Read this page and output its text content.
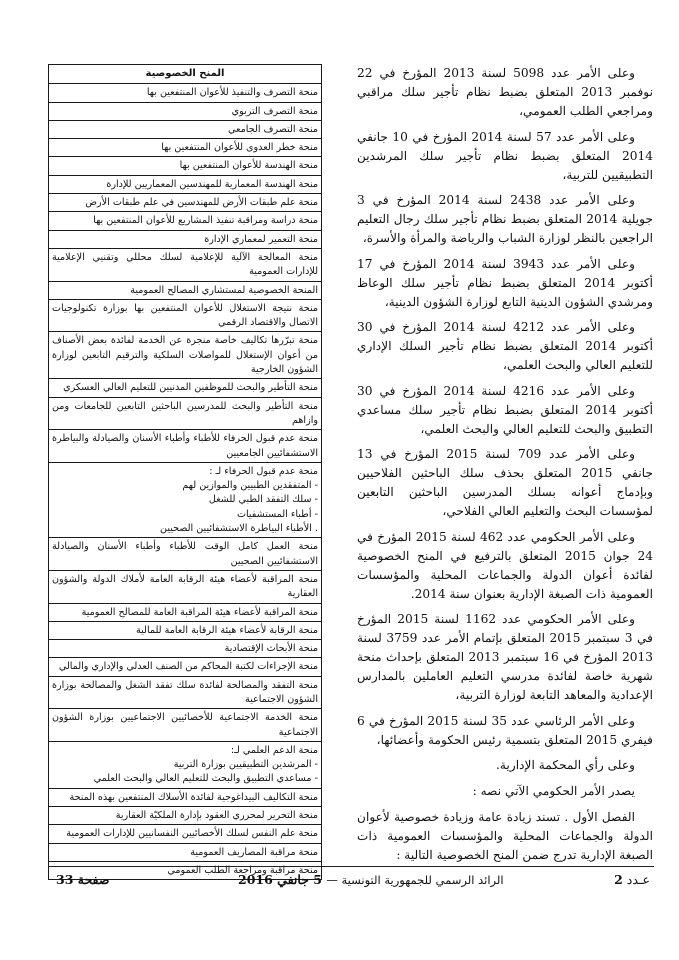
المنح الخصوصية
منحة التصرف والتنفيذ للأعوان المنتفعين بها
منحة التصرف التربوي
منحة التصرف الجامعي
منحة خطر العدوى للأعوان المنتفعين بها
منحة الهندسة للأعوان المنتفعين بها
منحة الهندسة المعمارية للمهندسين المعماريين للإدارة
منحة علم طبقات الأرض للمهندسين في علم طبقات الأرض
منحة دراسة ومراقبة تنفيذ المشاريع للأعوان المنتفعين بها
منحة التعمير لمعماري الإدارة
منحة المعالجة الآلية للإعلامية لسلك محللي وتقنيي الإعلامية للإدارات العمومية
المنحة الخصوصية لمستشاري المصالح العمومية
منحة نتيجة الاستغلال للأعوان المنتفعين بها بوزارة تكنولوجيات الاتصال والاقتصاد الرقمي
منحة تبرّرها تكاليف خاصة منجرة عن الخدمة لفائدة بعض الأصناف من أعوان الإستغلال للمواصلات السلكية والترقيم التابعين لوزارة الشؤون الخارجية
منحة التأطير والبحث للموظفين المدنيين للتعليم العالي العسكري
منحة التأطير والبحث للمدرسين الباحثين التابعين للجامعات ومن وازاهم
منحة عدم قبول الحرفاء للأطباء وأطباء الأسنان والصيادلة والبياطرة الاستشفائيين الجامعيين

منحة عدم قبول الحرفاء لـ :
- المتفقدين الطبيين والموازين لهم
- سلك التفقد الطبي للشغل
- أطباء المستشفيات
. الأطباء البياطرة الاستشفائيين الصحيين

منحة العمل كامل الوقت للأطباء وأطباء الأسنان والصيادلة الاستشفائيين الصحيين
منحة المراقبة لأعضاء هيئة الرقابة العامة لأملاك الدولة والشؤون العقارية
منحة المراقبة لأعضاء هيئة المراقبة العامة للمصالح العمومية
منحة الرقابة لأعضاء هيئة الرقابة العامة للمالية
منحة الأبحاث الإقتصادية
منحة الإجراءات لكتبة المحاكم من الصنف العدلي والإداري والمالي
منحة التفقد والمصالحة لفائدة سلك تفقد الشغل والمصالحة بوزارة الشؤون الاجتماعية
منحة الخدمة الاجتماعية للأخصائيين الاجتماعيين بوزارة الشؤون الاجتماعية

منحة الدعم العلمي لـ:
- المرشدين التطبيقيين بوزارة التربية
- مساعدي التطبيق والبحث للتعليم العالي والبحث العلمي

منحة التكاليف البيداغوجية لفائدة الأسلاك المنتفعين بهذه المنحة
منحة التحرير لمحرري العقود بإدارة الملكيّة العقارية
منحة علم النفس لسلك الأخصائيين النفسانيين للإدارات العمومية
منحة مراقبة المصاريف العمومية
منحة مراقبة ومراجعة الطلب العمومي

وعلى الأمر عدد 5098 لسنة 2013 المؤرخ في 22 نوفمبر 2013 المتعلق بضبط نظام تأجير سلك مراقبي ومراجعي الطلب العمومي،

وعلى الأمر عدد 57 لسنة 2014 المؤرخ في 10 جانفي 2014 المتعلق بضبط نظام تأجير سلك المرشدين التطبيقيين للتربية،

وعلى الأمر عدد 2438 لسنة 2014 المؤرخ في 3 جويلية 2014 المتعلق بضبط نظام تأجير سلك رجال التعليم الراجعين بالنظر لوزارة الشباب والرياضة والمرأة والأسرة،

وعلى الأمر عدد 3943 لسنة 2014 المؤرخ في 17 أكتوبر 2014 المتعلق بضبط نظام تأجير سلك الوعاظ ومرشدي الشؤون الدينية التابع لوزارة الشؤون الدينية،

وعلى الأمر عدد 4212 لسنة 2014 المؤرخ في 30 أكتوبر 2014 المتعلق بضبط نظام تأجير السلك الإداري للتعليم العالي والبحث العلمي،

وعلى الأمر عدد 4216 لسنة 2014 المؤرخ في 30 أكتوبر 2014 المتعلق بضبط نظام تأجير سلك مساعدي التطبيق والبحث للتعليم العالي والبحث العلمي،

وعلى الأمر عدد 709 لسنة 2015 المؤرخ في 13 جانفي 2015 المتعلق بحذف سلك الباحثين الفلاحيين وبإدماج أعوانه بسلك المدرسين الباحثين التابعين لمؤسسات البحث والتعليم العالي الفلاحي،

وعلى الأمر الحكومي عدد 462 لسنة 2015 المؤرخ في 24 جوان 2015 المتعلق بالترفيع في المنح الخصوصية لفائدة أعوان الدولة والجماعات المحلية والمؤسسات العمومية ذات الصبغة الإدارية بعنوان سنة 2014.

وعلى الأمر الحكومي عدد 1162 لسنة 2015 المؤرخ في 3 سبتمبر 2015 المتعلق بإتمام الأمر عدد 3759 لسنة 2013 المؤرخ في 16 سبتمبر 2013 المتعلق بإحداث منحة شهرية خاصة لفائدة مدرسي التعليم العاملين بالمدارس الإعدادية والمعاهد التابعة لوزارة التربية،

وعلى الأمر الرئاسي عدد 35 لسنة 2015 المؤرخ في 6 فيفري 2015 المتعلق بتسمية رئيس الحكومة وأعضائها،

وعلى رأي المحكمة الإدارية.

يصدر الأمر الحكومي الآتي نصه :

الفصل الأول . تسند زيادة عامة وزيادة خصوصية لأعوان الدولة والجماعات المحلية والمؤسسات العمومية ذات الصبغة الإدارية تدرج ضمن المنح الخصوصية التالية :

عـدد 2
الرائد الرسمي للجمهورية التونسية — 5 جانفي 2016
صفحة 33
